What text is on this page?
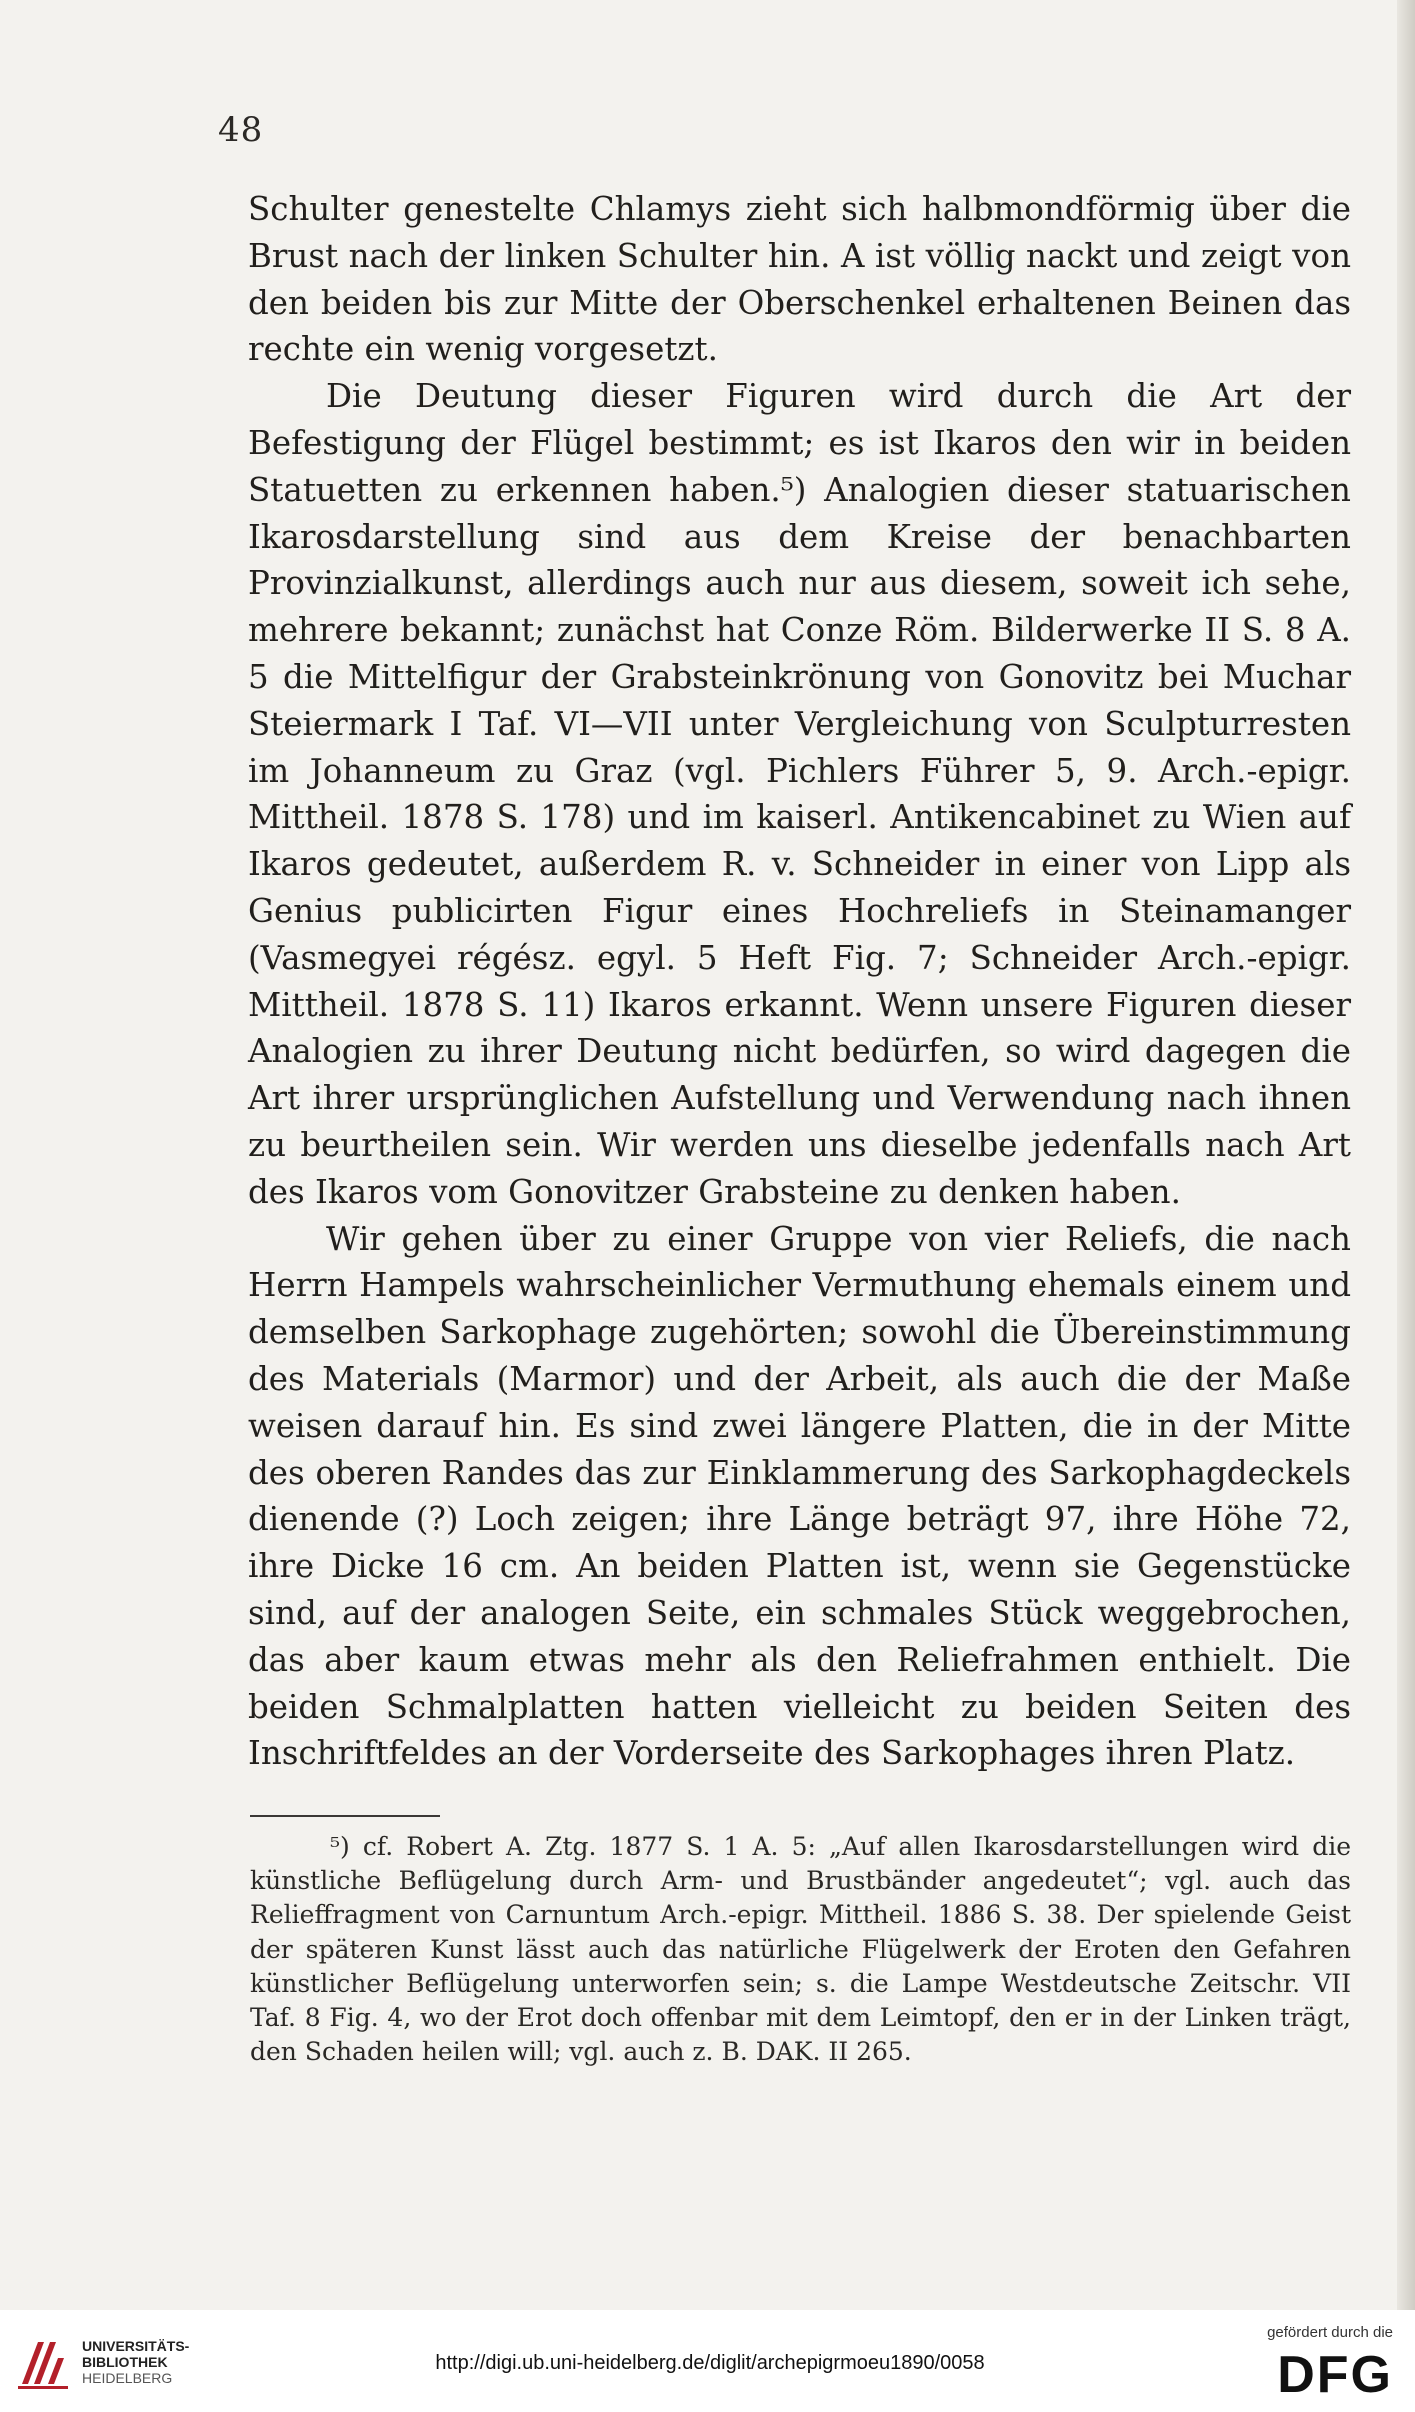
48

Schulter genestelte Chlamys zieht sich halbmondförmig über die Brust nach der linken Schulter hin. A ist völlig nackt und zeigt von den beiden bis zur Mitte der Oberschenkel erhaltenen Beinen das rechte ein wenig vorgesetzt.

Die Deutung dieser Figuren wird durch die Art der Befestigung der Flügel bestimmt; es ist Ikaros den wir in beiden Statuetten zu erkennen haben.⁵) Analogien dieser statuarischen Ikarosdarstellung sind aus dem Kreise der benachbarten Provinzialkunst, allerdings auch nur aus diesem, soweit ich sehe, mehrere bekannt; zunächst hat Conze Röm. Bilderwerke II S. 8 A. 5 die Mittelfigur der Grabsteinkrönung von Gonovitz bei Muchar Steiermark I Taf. VI—VII unter Vergleichung von Sculpturresten im Johanneum zu Graz (vgl. Pichlers Führer 5, 9. Arch.-epigr. Mittheil. 1878 S. 178) und im kaiserl. Antikencabinet zu Wien auf Ikaros gedeutet, außerdem R. v. Schneider in einer von Lipp als Genius publicirten Figur eines Hochreliefs in Steinamanger (Vasmegyei régész. egyl. 5 Heft Fig. 7; Schneider Arch.-epigr. Mittheil. 1878 S. 11) Ikaros erkannt. Wenn unsere Figuren dieser Analogien zu ihrer Deutung nicht bedürfen, so wird dagegen die Art ihrer ursprünglichen Aufstellung und Verwendung nach ihnen zu beurtheilen sein. Wir werden uns dieselbe jedenfalls nach Art des Ikaros vom Gonovitzer Grabsteine zu denken haben.

Wir gehen über zu einer Gruppe von vier Reliefs, die nach Herrn Hampels wahrscheinlicher Vermuthung ehemals einem und demselben Sarkophage zugehörten; sowohl die Übereinstimmung des Materials (Marmor) und der Arbeit, als auch die der Maße weisen darauf hin. Es sind zwei längere Platten, die in der Mitte des oberen Randes das zur Einklammerung des Sarkophagdeckels dienende (?) Loch zeigen; ihre Länge beträgt 97, ihre Höhe 72, ihre Dicke 16 cm. An beiden Platten ist, wenn sie Gegenstücke sind, auf der analogen Seite, ein schmales Stück weggebrochen, das aber kaum etwas mehr als den Reliefrahmen enthielt. Die beiden Schmalplatten hatten vielleicht zu beiden Seiten des Inschriftfeldes an der Vorderseite des Sarkophages ihren Platz.

⁵) cf. Robert A. Ztg. 1877 S. 1 A. 5: „Auf allen Ikarosdarstellungen wird die künstliche Beflügelung durch Arm- und Brustbänder angedeutet“; vgl. auch das Relieffragment von Carnuntum Arch.-epigr. Mittheil. 1886 S. 38. Der spielende Geist der späteren Kunst lässt auch das natürliche Flügelwerk der Eroten den Gefahren künstlicher Beflügelung unterworfen sein; s. die Lampe Westdeutsche Zeitschr. VII Taf. 8 Fig. 4, wo der Erot doch offenbar mit dem Leimtopf, den er in der Linken trägt, den Schaden heilen will; vgl. auch z. B. DAK. II 265.

UNIVERSITÄTS-
BIBLIOTHEK
HEIDELBERG
http://digi.ub.uni-heidelberg.de/diglit/archepigrmoeu1890/0058
gefördert durch die
DFG
